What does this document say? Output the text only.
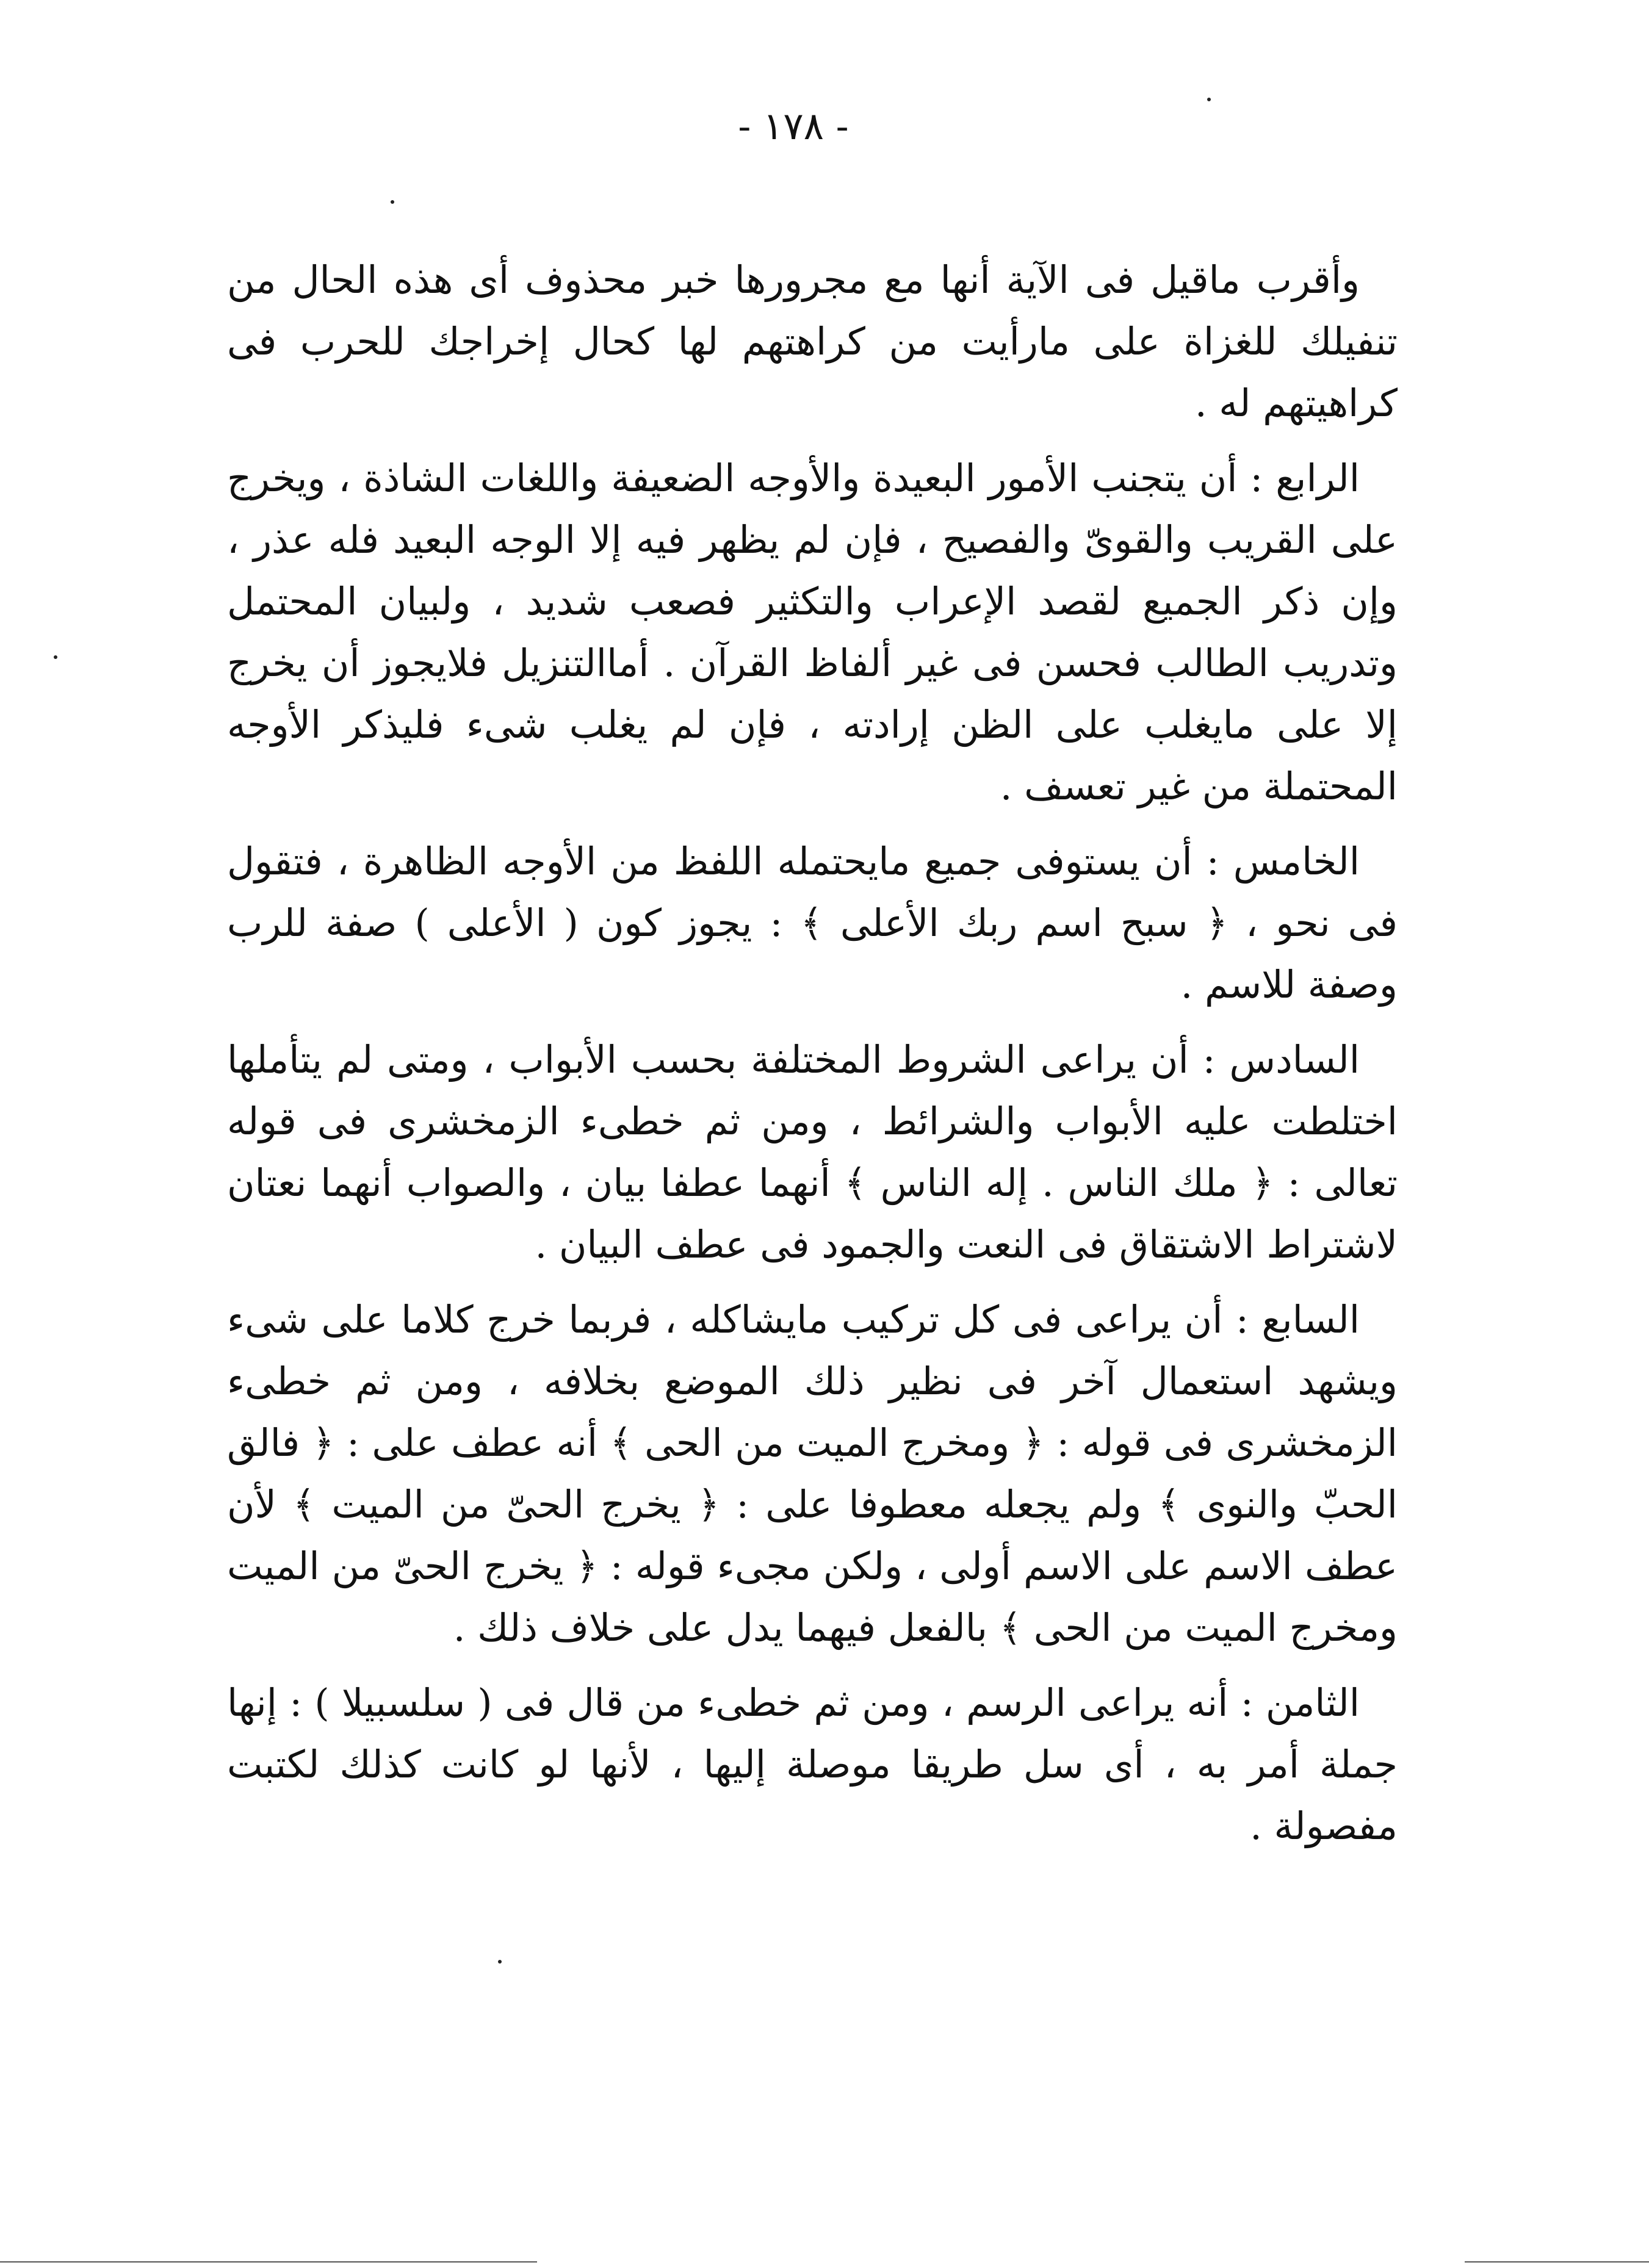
- ١٧٨ -

وأقرب ماقيل فى الآية أنها مع مجرورها خبر محذوف أى هذه الحال من تنفيلك للغزاة على مارأيت من كراهتهم لها كحال إخراجك للحرب فى كراهيتهم له .

الرابع : أن يتجنب الأمور البعيدة والأوجه الضعيفة واللغات الشاذة ، ويخرج على القريب والقوىّ والفصيح ، فإن لم يظهر فيه إلا الوجه البعيد فله عذر ، وإن ذكر الجميع لقصد الإعراب والتكثير فصعب شديد ، ولبيان المحتمل وتدريب الطالب فحسن فى غير ألفاظ القرآن . أماالتنزيل فلايجوز أن يخرج إلا على مايغلب على الظن إرادته ، فإن لم يغلب شىء فليذكر الأوجه المحتملة من غير تعسف .

الخامس : أن يستوفى جميع مايحتمله اللفظ من الأوجه الظاهرة ، فتقول فى نحو ، ﴿ سبح اسم ربك الأعلى ﴾ : يجوز كون ( الأعلى ) صفة للرب وصفة للاسم .

السادس : أن يراعى الشروط المختلفة بحسب الأبواب ، ومتى لم يتأملها اختلطت عليه الأبواب والشرائط ، ومن ثم خطىء الزمخشرى فى قوله تعالى : ﴿ ملك الناس . إله الناس ﴾ أنهما عطفا بيان ، والصواب أنهما نعتان لاشتراط الاشتقاق فى النعت والجمود فى عطف البيان .

السابع : أن يراعى فى كل تركيب مايشاكله ، فربما خرج كلاما على شىء ويشهد استعمال آخر فى نظير ذلك الموضع بخلافه ، ومن ثم خطىء الزمخشرى فى قوله : ﴿ ومخرج الميت من الحى ﴾ أنه عطف على : ﴿ فالق الحبّ والنوى ﴾ ولم يجعله معطوفا على : ﴿ يخرج الحىّ من الميت ﴾ لأن عطف الاسم على الاسم أولى ، ولكن مجىء قوله : ﴿ يخرج الحىّ من الميت ومخرج الميت من الحى ﴾ بالفعل فيهما يدل على خلاف ذلك .

الثامن : أنه يراعى الرسم ، ومن ثم خطىء من قال فى ( سلسبيلا ) : إنها جملة أمر به ، أى سل طريقا موصلة إليها ، لأنها لو كانت كذلك لكتبت مفصولة .
